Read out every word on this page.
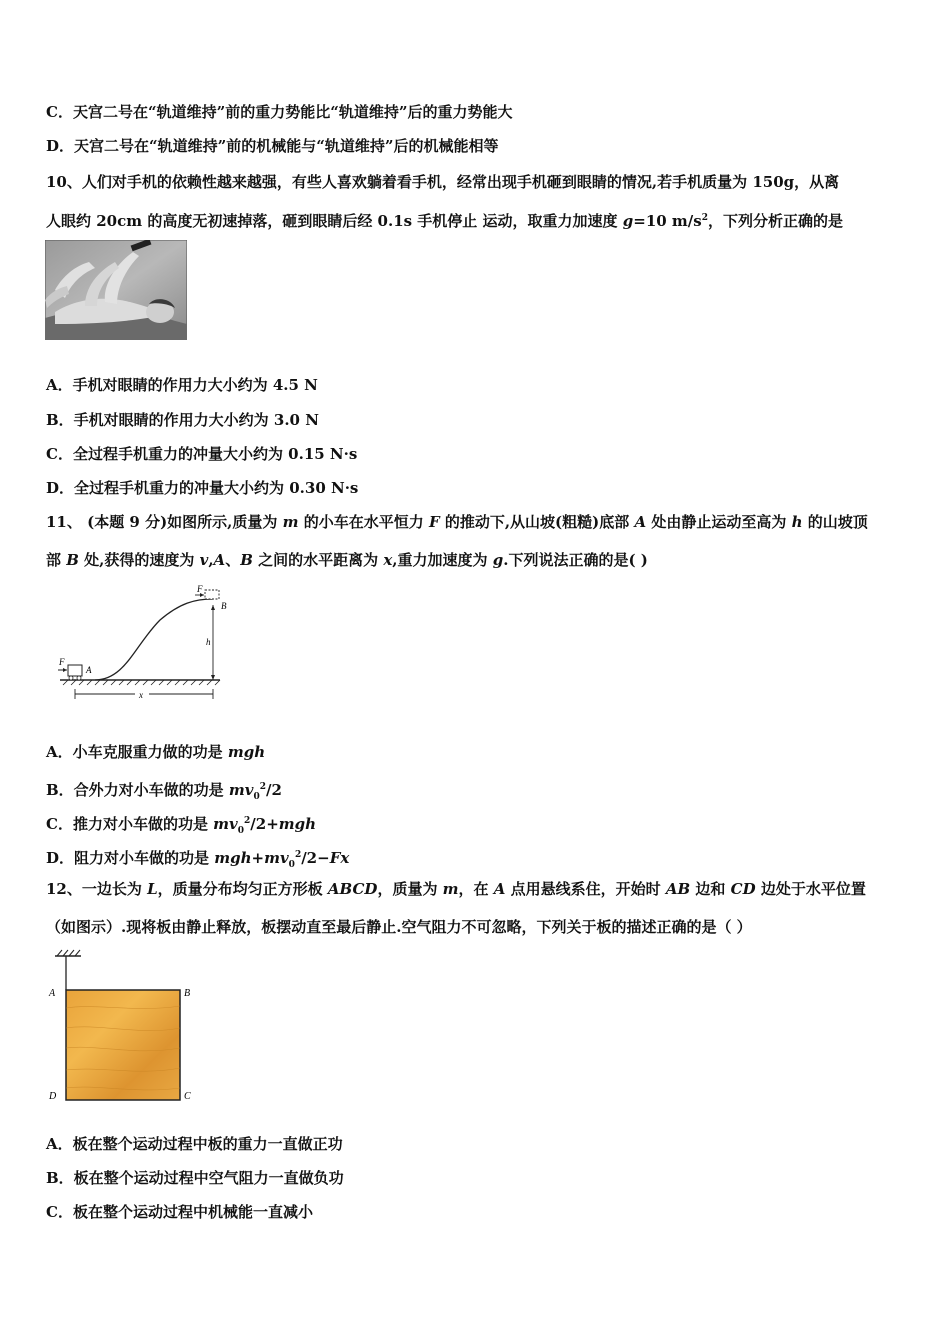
C．天宫二号在“轨道维持”前的重力势能比“轨道维持”后的重力势能大
D．天宫二号在“轨道维持”前的机械能与“轨道维持”后的机械能相等
10、人们对手机的依赖性越来越强，有些人喜欢躺着看手机，经常出现手机砸到眼睛的情况,若手机质量为 150g，从离
人眼约 20cm 的高度无初速掉落，砸到眼睛后经 0.1s 手机停止 运动，取重力加速度 g=10 $m/s^2$，下列分析正确的是
A．手机对眼睛的作用力大小约为 4.5 N
B．手机对眼睛的作用力大小约为 3.0 N
C．全过程手机重力的冲量大小约为 0.15 N·s
D．全过程手机重力的冲量大小约为 0.30 N·s
11、 (本题 9 分)如图所示,质量为 m 的小车在水平恒力 F 的推动下,从山坡(粗糙)底部 A 处由静止运动至高为 h 的山坡顶
部 B 处,获得的速度为 v,A、B 之间的水平距离为 x,重力加速度为 g.下列说法正确的是( )
F
A
F
B
h
x
A．小车克服重力做的功是 mgh
B．合外力对小车做的功是 $mv_0^2/2$
C．推力对小车做的功是 $mv_0^2/2+mgh$
D．阻力对小车做的功是 $mgh+mv_0^2/2-Fx$
12、一边长为 L，质量分布均匀正方形板 ABCD，质量为 m，在 A 点用悬线系住，开始时 AB 边和 CD 边处于水平位置
（如图示）.现将板由静止释放，板摆动直至最后静止.空气阻力不可忽略，下列关于板的描述正确的是（ ）
A	B
C
D
A．板在整个运动过程中板的重力一直做正功
B．板在整个运动过程中空气阻力一直做负功
C．板在整个运动过程中机械能一直减小
